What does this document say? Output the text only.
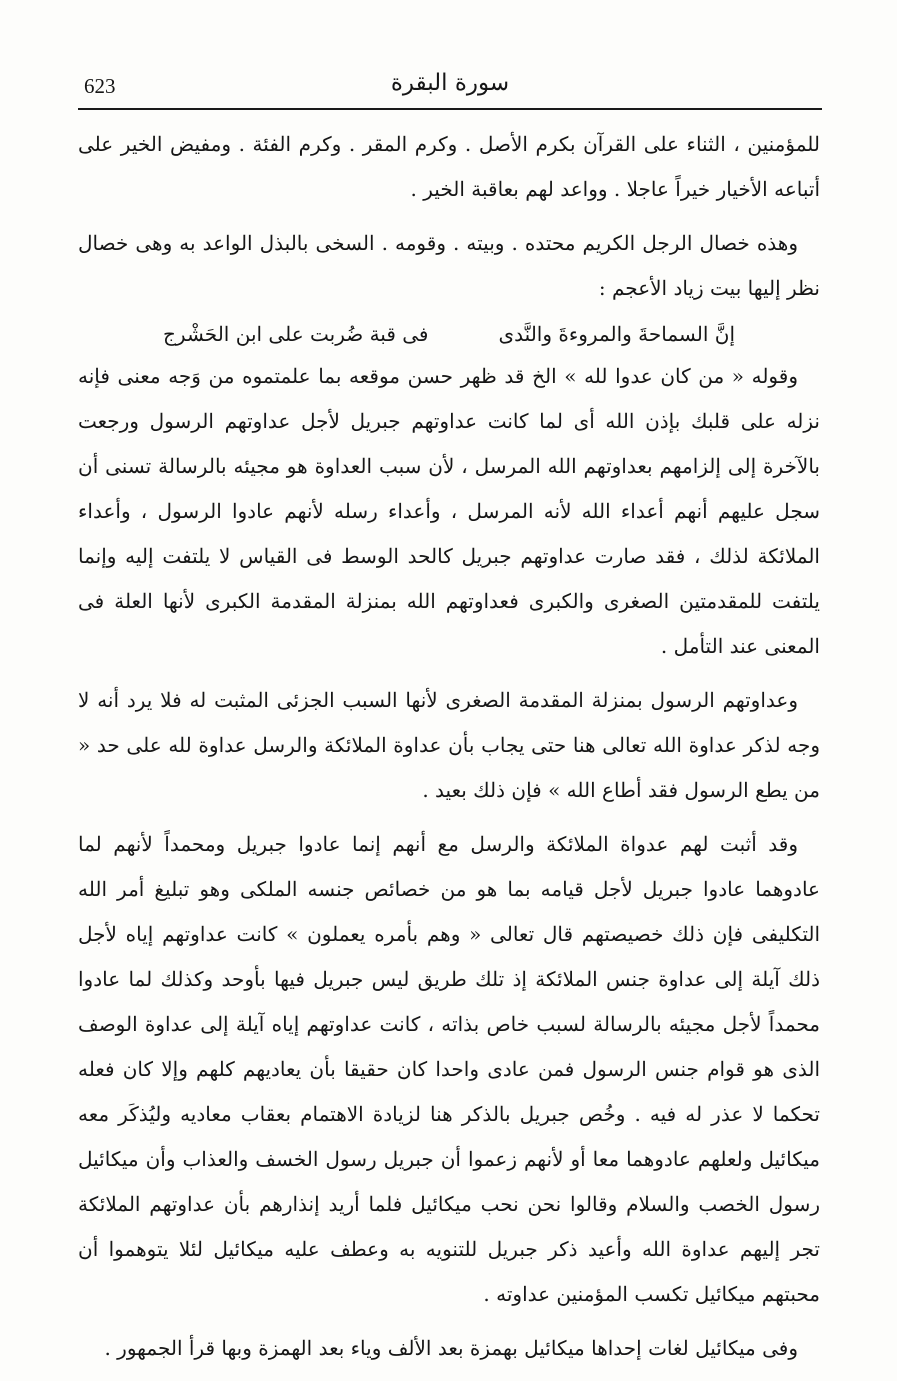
623	سورة البقرة

للمؤمنين ، الثناء على القرآن بكرم الأصل . وكرم المقر . وكرم الفئة . ومفيض الخير على أتباعه الأخيار خيراً عاجلا . وواعد لهم بعاقبة الخير .

وهذه خصال الرجل الكريم محتده . وبيته . وقومه . السخى بالبذل الواعد به وهى خصال نظر إليها بيت زياد الأعجم :

إنَّ السماحةَ والمروءةَ والنَّدى
فى قبة ضُربت على ابن الحَشْرج

وقوله « من كان عدوا لله » الخ قد ظهر حسن موقعه بما علمتموه من وَجه معنى فإنه نزله على قلبك بإذن الله أى لما كانت عداوتهم جبريل لأجل عداوتهم الرسول ورجعت بالآخرة إلى إلزامهم بعداوتهم الله المرسل ، لأن سبب العداوة هو مجيئه بالرسالة تسنى أن سجل عليهم أنهم أعداء الله لأنه المرسل ، وأعداء رسله لأنهم عادوا الرسول ، وأعداء الملائكة لذلك ، فقد صارت عداوتهم جبريل كالحد الوسط فى القياس لا يلتفت إليه وإنما يلتفت للمقدمتين الصغرى والكبرى فعداوتهم الله بمنزلة المقدمة الكبرى لأنها العلة فى المعنى عند التأمل .

وعداوتهم الرسول بمنزلة المقدمة الصغرى لأنها السبب الجزئى المثبت له فلا يرد أنه لا وجه لذكر عداوة الله تعالى هنا حتى يجاب بأن عداوة الملائكة والرسل عداوة لله على حد « من يطع الرسول فقد أطاع الله » فإن ذلك بعيد .

وقد أثبت لهم عدواة الملائكة والرسل مع أنهم إنما عادوا جبريل ومحمداً لأنهم لما عادوهما عادوا جبريل لأجل قيامه بما هو من خصائص جنسه الملكى وهو تبليغ أمر الله التكليفى فإن ذلك خصيصتهم قال تعالى « وهم بأمره يعملون » كانت عداوتهم إياه لأجل ذلك آيلة إلى عداوة جنس الملائكة إذ تلك طريق ليس جبريل فيها بأوحد وكذلك لما عادوا محمداً لأجل مجيئه بالرسالة لسبب خاص بذاته ، كانت عداوتهم إياه آيلة إلى عداوة الوصف الذى هو قوام جنس الرسول فمن عادى واحدا كان حقيقا بأن يعاديهم كلهم وإلا كان فعله تحكما لا عذر له فيه . وخُص جبريل بالذكر هنا لزيادة الاهتمام بعقاب معاديه وليُذكَر معه ميكائيل ولعلهم عادوهما معا أو لأنهم زعموا أن جبريل رسول الخسف والعذاب وأن ميكائيل رسول الخصب والسلام وقالوا نحن نحب ميكائيل فلما أريد إنذارهم بأن عداوتهم الملائكة تجر إليهم عداوة الله وأعيد ذكر جبريل للتنويه به وعطف عليه ميكائيل لئلا يتوهموا أن محبتهم ميكائيل تكسب المؤمنين عداوته .

وفى ميكائيل لغات إحداها ميكائيل بهمزة بعد الألف وياء بعد الهمزة وبها قرأ الجمهور .
